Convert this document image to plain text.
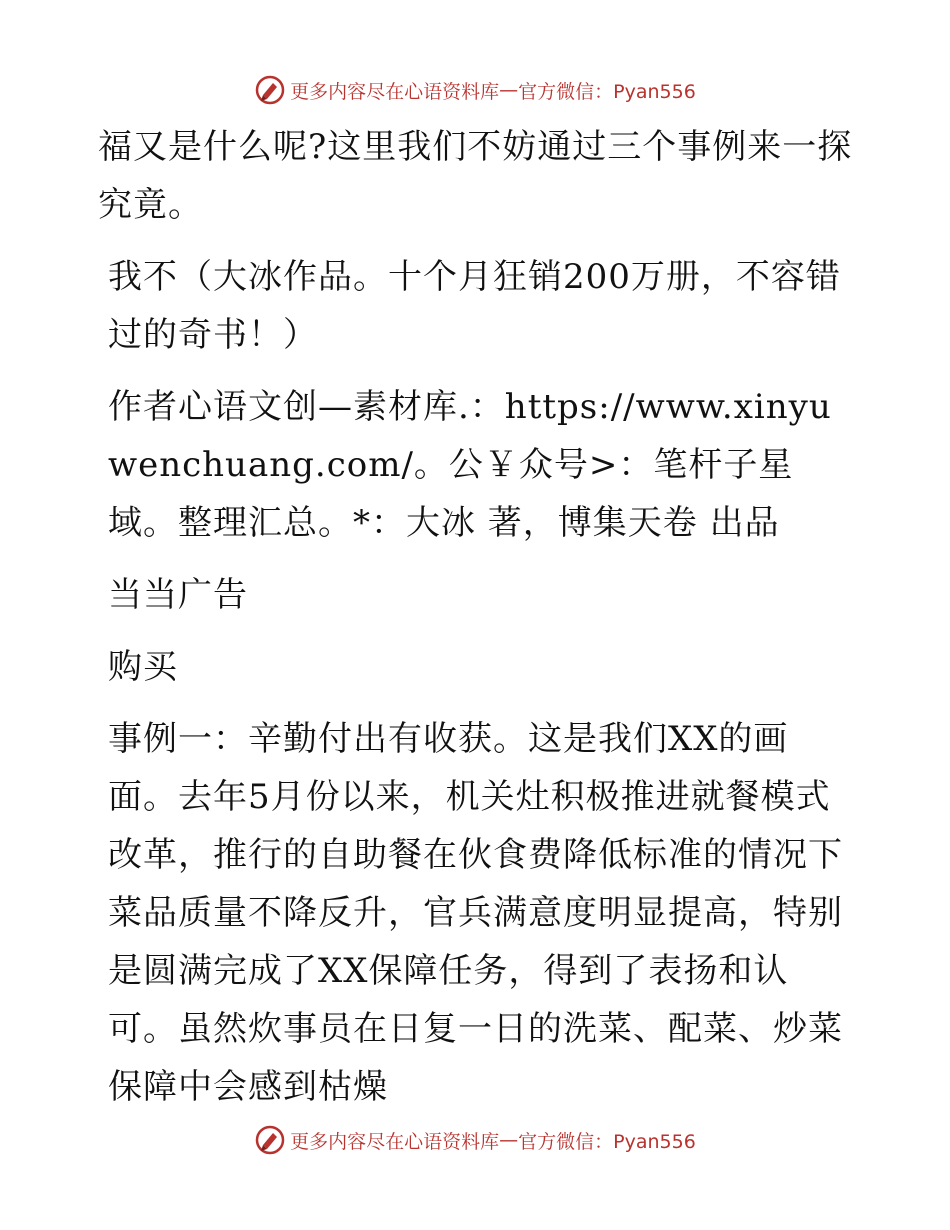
更多内容尽在心语资料库 — 官方微信：Pyan556

福又是什么呢?这里我们不妨通过三个事例来一探究竟。

我不（大冰作品。十个月狂销200万册，不容错过的奇书！）

作者心语文创—素材库.：https://www.xinyuwenchuang.com/。公￥众号>：笔杆子星域。整理汇总。*：大冰 著，博集天卷 出品

当当广告

购买

事例一：辛勤付出有收获。这是我们XX的画面。去年5月份以来，机关灶积极推进就餐模式改革，推行的自助餐在伙食费降低标准的情况下菜品质量不降反升，官兵满意度明显提高，特别是圆满完成了XX保障任务，得到了表扬和认可。虽然炊事员在日复一日的洗菜、配菜、炒菜保障中会感到枯燥

更多内容尽在心语资料库 — 官方微信：Pyan556
